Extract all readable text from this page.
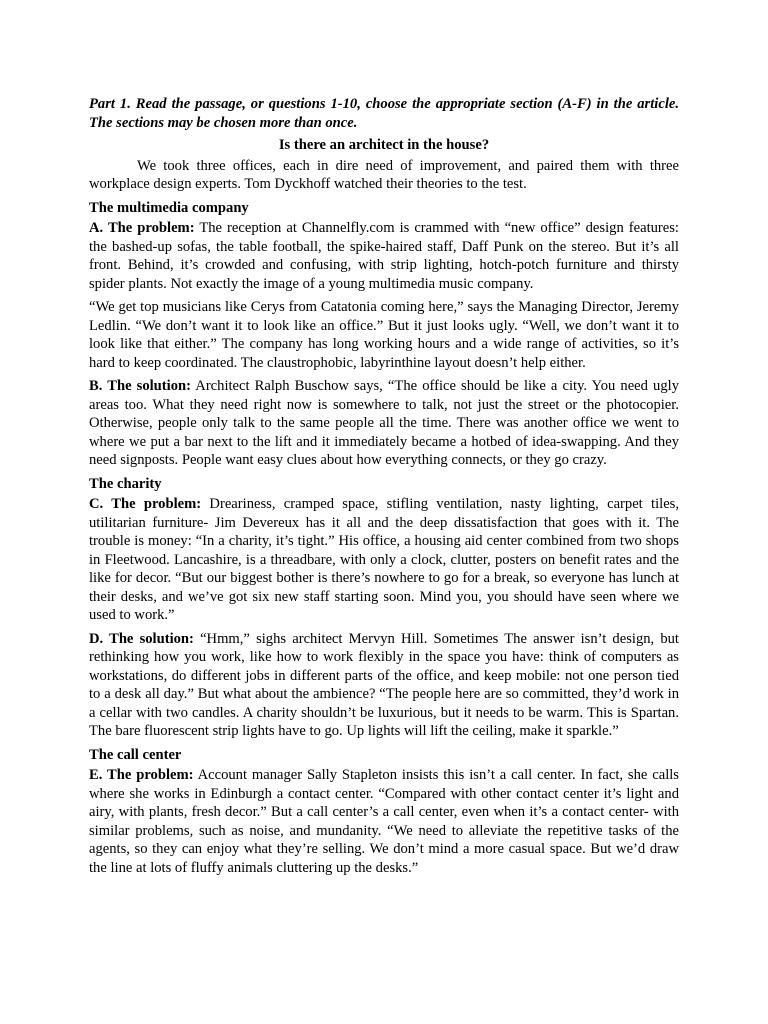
Part 1. Read the passage, or questions 1-10, choose the appropriate section (A-F) in the article. The sections may be chosen more than once.

Is there an architect in the house?

We took three offices, each in dire need of improvement, and paired them with three workplace design experts. Tom Dyckhoff watched their theories to the test.

The multimedia company

A. The problem: The reception at Channelfly.com is crammed with “new office” design features: the bashed-up sofas, the table football, the spike-haired staff, Daff Punk on the stereo. But it’s all front. Behind, it’s crowded and confusing, with strip lighting, hotch-potch furniture and thirsty spider plants. Not exactly the image of a young multimedia music company.

“We get top musicians like Cerys from Catatonia coming here,” says the Managing Director, Jeremy Ledlin. “We don’t want it to look like an office.” But it just looks ugly. “Well, we don’t want it to look like that either.” The company has long working hours and a wide range of activities, so it’s hard to keep coordinated. The claustrophobic, labyrinthine layout doesn’t help either.

B. The solution: Architect Ralph Buschow says, “The office should be like a city. You need ugly areas too. What they need right now is somewhere to talk, not just the street or the photocopier. Otherwise, people only talk to the same people all the time. There was another office we went to where we put a bar next to the lift and it immediately became a hotbed of idea-swapping. And they need signposts. People want easy clues about how everything connects, or they go crazy.

The charity

C. The problem: Dreariness, cramped space, stifling ventilation, nasty lighting, carpet tiles, utilitarian furniture- Jim Devereux has it all and the deep dissatisfaction that goes with it. The trouble is money: “In a charity, it’s tight.” His office, a housing aid center combined from two shops in Fleetwood. Lancashire, is a threadbare, with only a clock, clutter, posters on benefit rates and the like for decor. “But our biggest bother is there’s nowhere to go for a break, so everyone has lunch at their desks, and we’ve got six new staff starting soon. Mind you, you should have seen where we used to work.”

D. The solution: “Hmm,” sighs architect Mervyn Hill. Sometimes The answer isn’t design, but rethinking how you work, like how to work flexibly in the space you have: think of computers as workstations, do different jobs in different parts of the office, and keep mobile: not one person tied to a desk all day.” But what about the ambience? “The people here are so committed, they’d work in a cellar with two candles. A charity shouldn’t be luxurious, but it needs to be warm. This is Spartan. The bare fluorescent strip lights have to go. Up lights will lift the ceiling, make it sparkle.”

The call center

E. The problem: Account manager Sally Stapleton insists this isn’t a call center. In fact, she calls where she works in Edinburgh a contact center. “Compared with other contact center it’s light and airy, with plants, fresh decor.” But a call center’s a call center, even when it’s a contact center- with similar problems, such as noise, and mundanity. “We need to alleviate the repetitive tasks of the agents, so they can enjoy what they’re selling. We don’t mind a more casual space. But we’d draw the line at lots of fluffy animals cluttering up the desks.”
